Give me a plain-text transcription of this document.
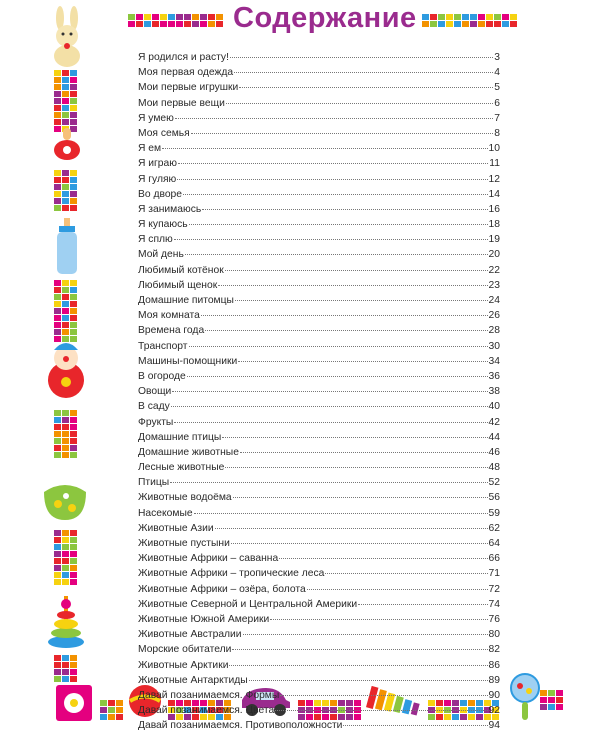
Содержание
Я родился и расту!	3
Моя первая одежда	4
Мои первые игрушки	5
Мои первые вещи	6
Я умею	7
Моя семья	8
Я ем	10
Я играю	11
Я гуляю	12
Во дворе	14
Я занимаюсь	16
Я купаюсь	18
Я сплю	19
Мой день	20
Любимый котёнок	22
Любимый щенок	23
Домашние питомцы	24
Моя комната	26
Времена года	28
Транспорт	30
Машины-помощники	34
В огороде	36
Овощи	38
В саду	40
Фрукты	42
Домашние птицы	44
Домашние животные	46
Лесные животные	48
Птицы	52
Животные водоёма	56
Насекомые	59
Животные Азии	62
Животные пустыни	64
Животные Африки – саванна	66
Животные Африки – тропические леса	71
Животные Африки – озёра, болота	72
Животные Северной и Центральной Америки	74
Животные Южной Америки	76
Животные Австралии	80
Морские обитатели	82
Животные Арктики	86
Животные Антарктиды	89
Давай позанимаемся. Формы	90
Давай позанимаемся. Цвета	92
Давай позанимаемся. Противоположности	94
